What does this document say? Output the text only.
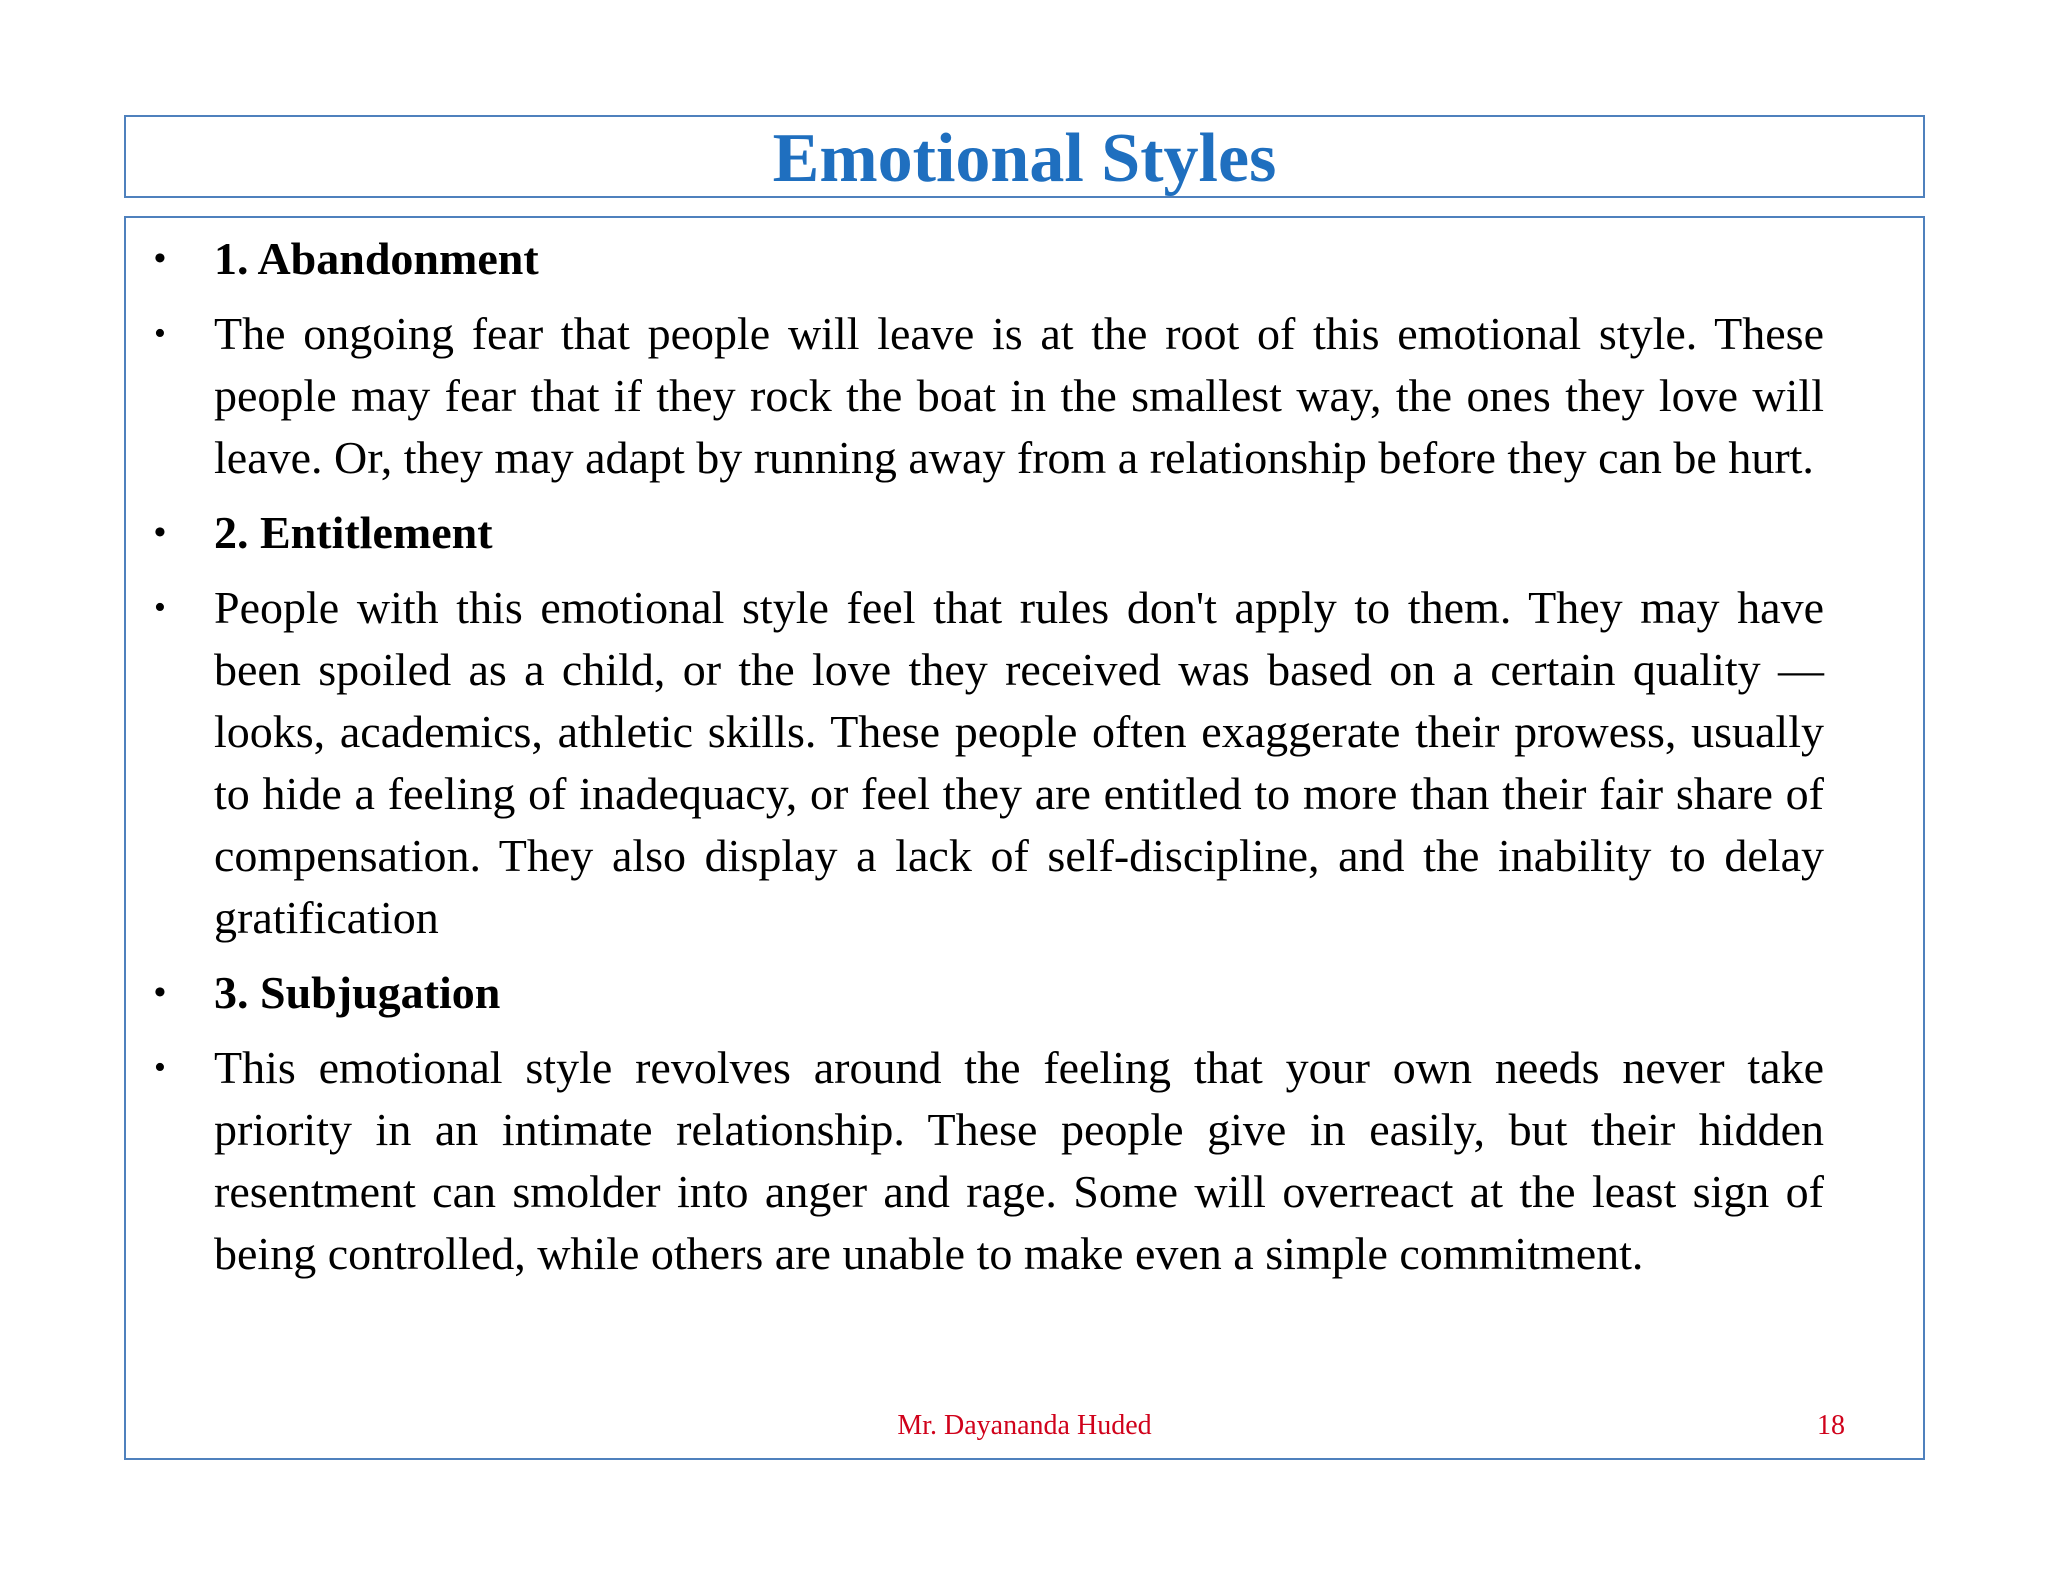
Emotional Styles
• 1. Abandonment
• The ongoing fear that people will leave is at the root of this emotional style. These people may fear that if they rock the boat in the smallest way, the ones they love will leave. Or, they may adapt by running away from a relationship before they can be hurt.
• 2. Entitlement
• People with this emotional style feel that rules don't apply to them. They may have been spoiled as a child, or the love they received was based on a certain quality — looks, academics, athletic skills. These people often exaggerate their prowess, usually to hide a feeling of inadequacy, or feel they are entitled to more than their fair share of compensation. They also display a lack of self-discipline, and the inability to delay gratification
• 3. Subjugation
• This emotional style revolves around the feeling that your own needs never take priority in an intimate relationship. These people give in easily, but their hidden resentment can smolder into anger and rage. Some will overreact at the least sign of being controlled, while others are unable to make even a simple commitment.
Mr. Dayananda Huded	18
